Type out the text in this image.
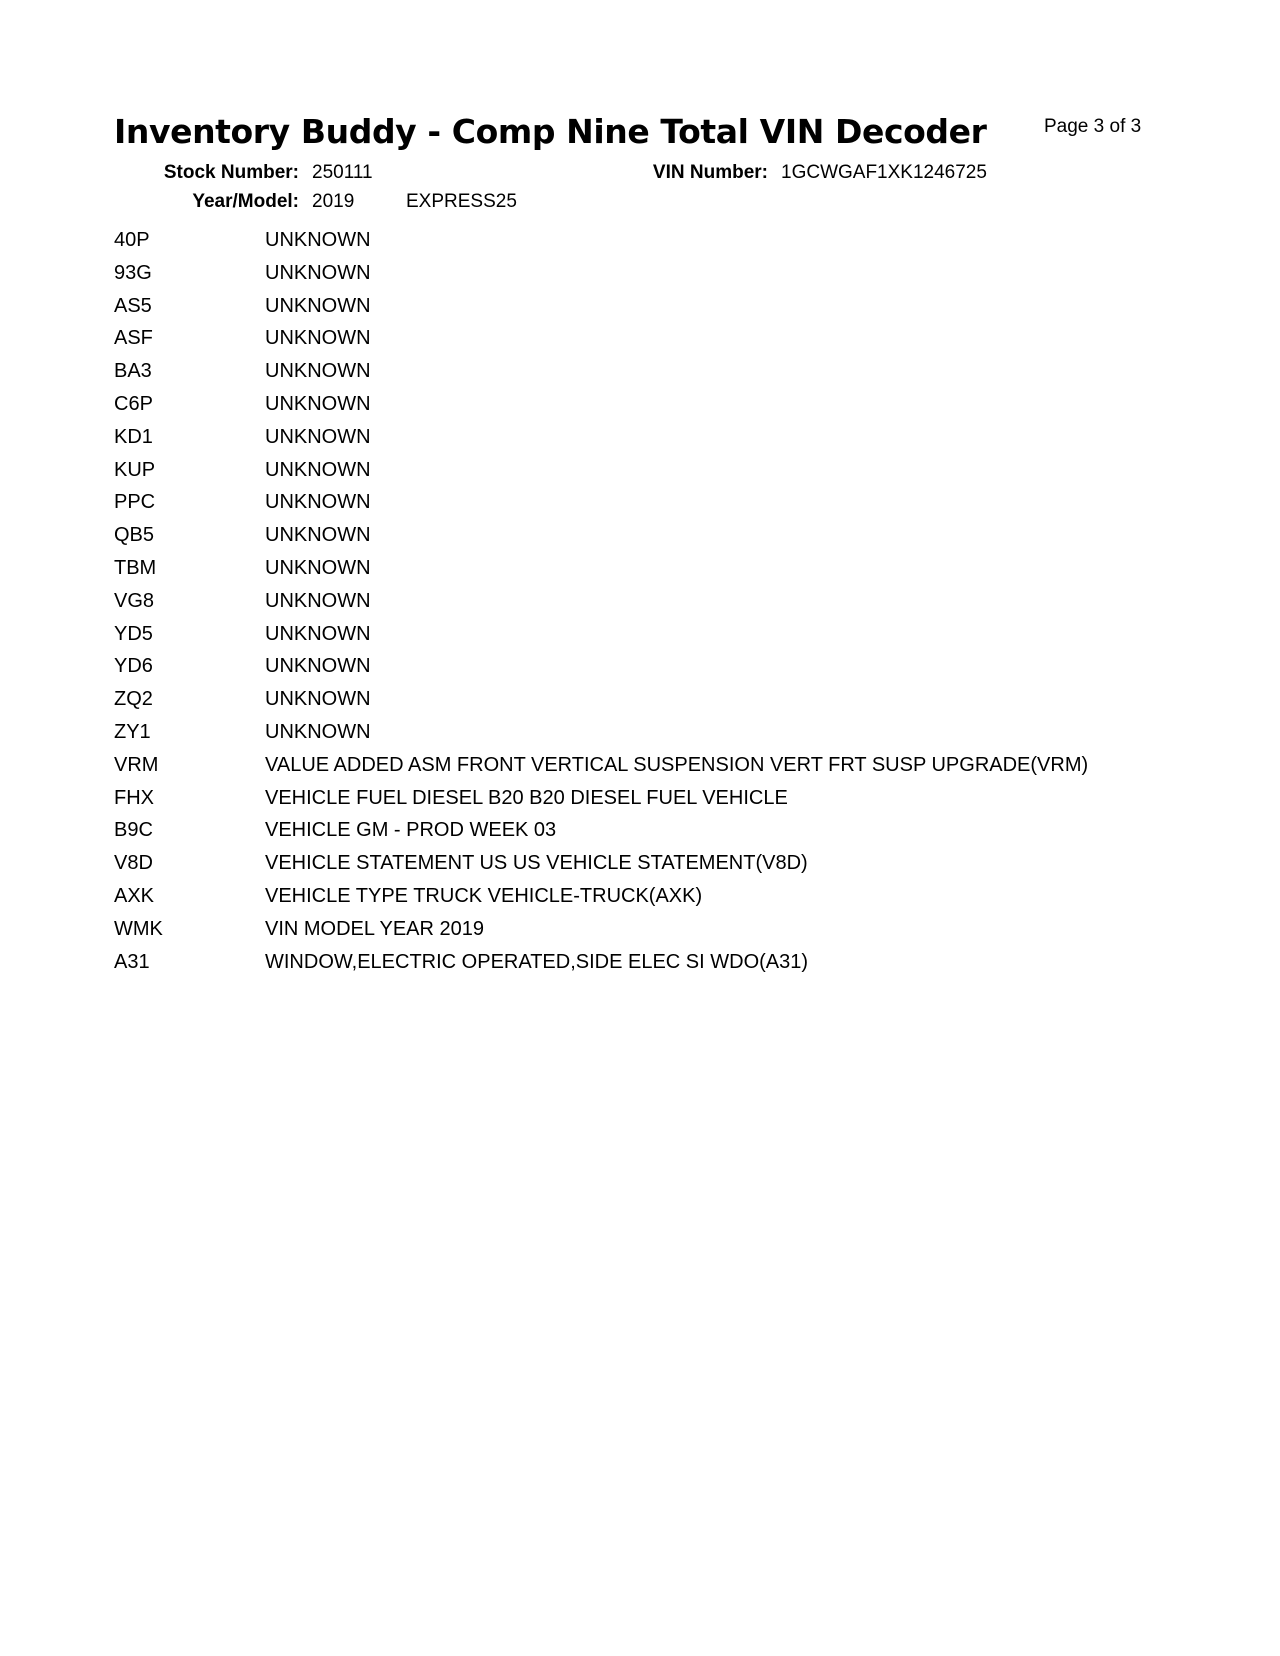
Inventory Buddy - Comp Nine Total VIN Decoder	Page 3 of 3
Stock Number: 250111	VIN Number: 1GCWGAF1XK1246725
Year/Model: 2019	EXPRESS25
40P	UNKNOWN
93G	UNKNOWN
AS5	UNKNOWN
ASF	UNKNOWN
BA3	UNKNOWN
C6P	UNKNOWN
KD1	UNKNOWN
KUP	UNKNOWN
PPC	UNKNOWN
QB5	UNKNOWN
TBM	UNKNOWN
VG8	UNKNOWN
YD5	UNKNOWN
YD6	UNKNOWN
ZQ2	UNKNOWN
ZY1	UNKNOWN
VRM	VALUE ADDED ASM FRONT VERTICAL SUSPENSION VERT FRT SUSP UPGRADE(VRM)
FHX	VEHICLE FUEL DIESEL B20 B20 DIESEL FUEL VEHICLE
B9C	VEHICLE GM - PROD WEEK 03
V8D	VEHICLE STATEMENT US US VEHICLE STATEMENT(V8D)
AXK	VEHICLE TYPE TRUCK VEHICLE-TRUCK(AXK)
WMK	VIN MODEL YEAR 2019
A31	WINDOW,ELECTRIC OPERATED,SIDE ELEC SI WDO(A31)
